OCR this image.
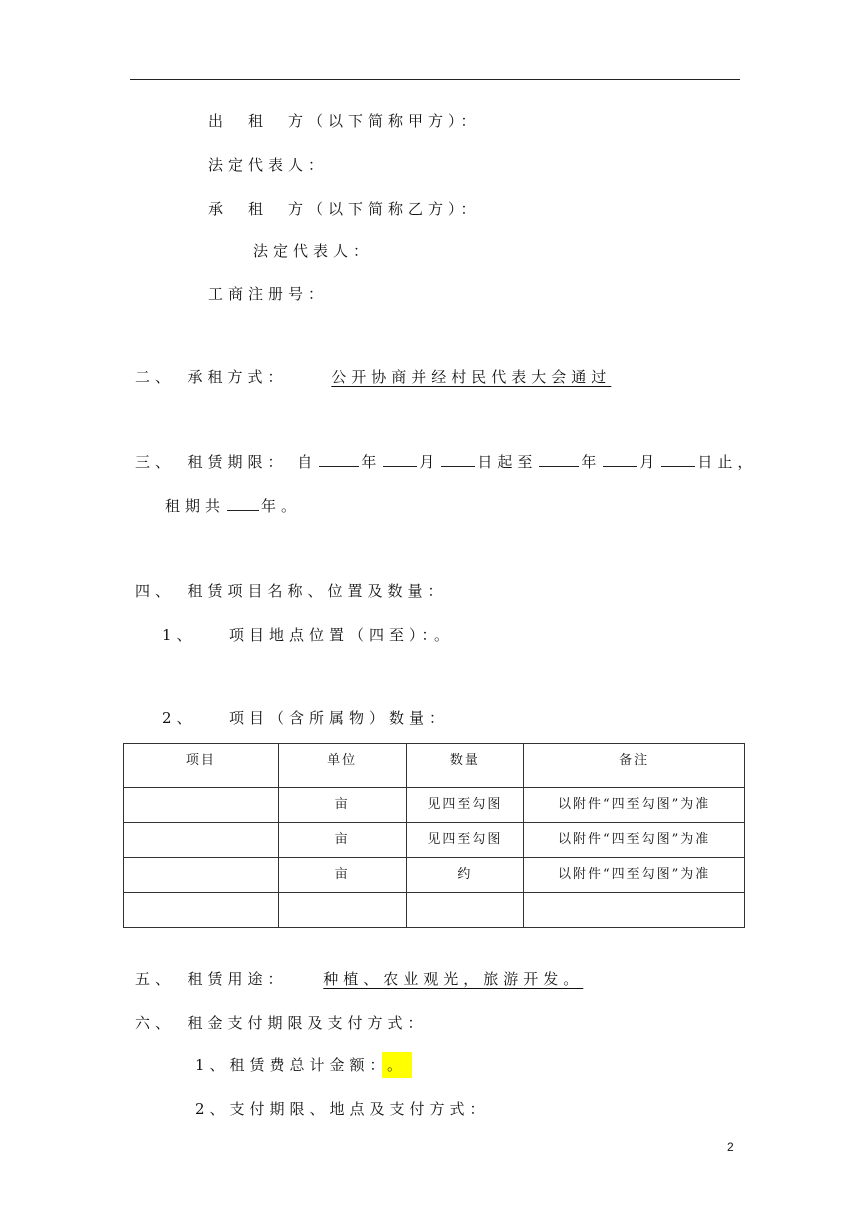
出　租　方（以下简称甲方）：
法定代表人：
承　租　方（以下简称乙方）：
法定代表人：
工商注册号：
二、　承租方式：	公开协商并经村民代表大会通过
三、　租赁期限： 自	年	月	日起至	年	月	日止，
租期共 年。
四、　租赁项目名称、位置及数量：
1、　　项目地点位置（四至）：。
2、　　项目（含所属物）数量：
项目	单位	数量	备注
	亩	见四至勾图	以附件“四至勾图”为准
	亩	见四至勾图	以附件“四至勾图”为准
	亩	约	以附件“四至勾图”为准

五、　租赁用途： 种植、农业观光，旅游开发。
六、　租金支付期限及支付方式：
1、租赁费总计金额： 。
2、支付期限、地点及支付方式：
2
